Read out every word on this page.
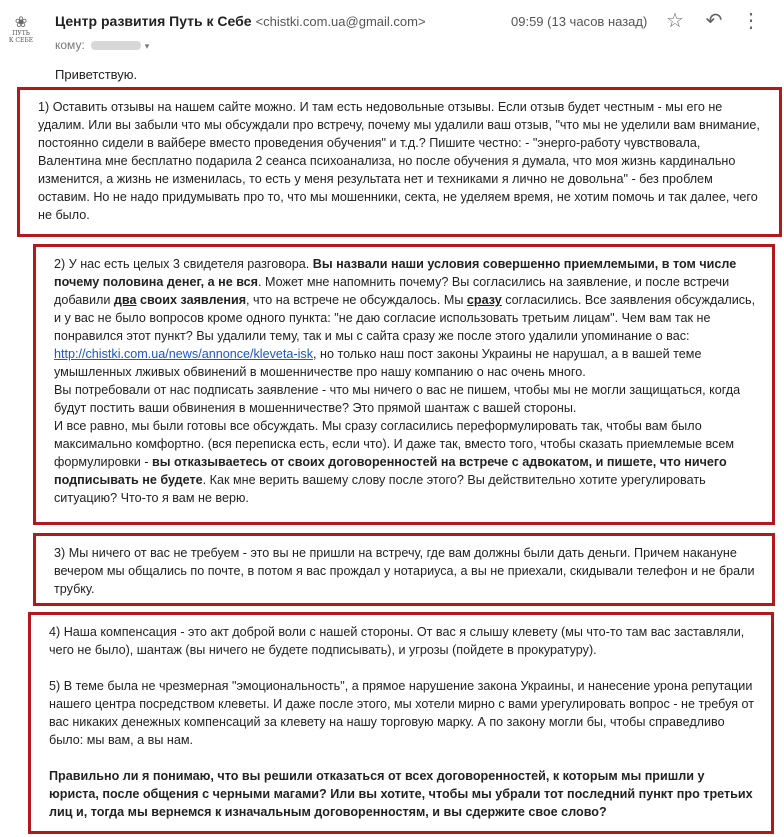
❀
ПУТЬ
К СЕБЕ
Центр развития Путь к Себе <chistki.com.ua@gmail.com>	09:59 (13 часов назад) ☆ ↶ ⋮
кому:	▾
Приветствую.

1) Оставить отзывы на нашем сайте можно. И там есть недовольные отзывы. Если отзыв будет честным - мы его не удалим. Или вы забыли что мы обсуждали про встречу, почему мы удалили ваш отзыв, "что мы не уделили вам внимание, постоянно сидели в вайбере вместо проведения обучения" и т.д.? Пишите честно: - "энерго-работу чувствовала, Валентина мне бесплатно подарила 2 сеанса психоанализа, но после обучения я думала, что моя жизнь кардинально изменится, а жизнь не изменилась, то есть у меня результата нет и техниками я лично не довольна" - без проблем оставим. Но не надо придумывать про то, что мы мошенники, секта, не уделяем время, не хотим помочь и так далее, чего не было.

2) У нас есть целых 3 свидетеля разговора. Вы назвали наши условия совершенно приемлемыми, в том числе почему половина денег, а не вся. Может мне напомнить почему? Вы согласились на заявление, и после встречи добавили два своих заявления, что на встрече не обсуждалось. Мы сразу согласились. Все заявления обсуждались, и у вас не было вопросов кроме одного пункта: "не даю согласие использовать третьим лицам". Чем вам так не понравился этот пункт? Вы удалили тему, так и мы с сайта сразу же после этого удалили упоминание о вас: http://chistki.com.ua/news/annonce/kleveta-isk, но только наш пост законы Украины не нарушал, а в вашей теме умышленных лживых обвинений в мошенничестве про нашу компанию о нас очень много.

Вы потребовали от нас подписать заявление - что мы ничего о вас не пишем, чтобы мы не могли защищаться, когда будут постить ваши обвинения в мошенничестве? Это прямой шантаж с вашей стороны.

И все равно, мы были готовы все обсуждать. Мы сразу согласились переформулировать так, чтобы вам было максимально комфортно. (вся переписка есть, если что). И даже так, вместо того, чтобы сказать приемлемые всем формулировки - вы отказываетесь от своих договоренностей на встрече с адвокатом, и пишете, что ничего подписывать не будете. Как мне верить вашему слову после этого? Вы действительно хотите урегулировать ситуацию? Что-то я вам не верю.

3) Мы ничего от вас не требуем - это вы не пришли на встречу, где вам должны были дать деньги. Причем накануне вечером мы общались по почте, в потом я вас прождал у нотариуса, а вы не приехали, скидывали телефон и не брали трубку.

4) Наша компенсация - это акт доброй воли с нашей стороны. От вас я слышу клевету (мы что-то там вас заставляли, чего не было), шантаж (вы ничего не будете подписывать), и угрозы (пойдете в прокуратуру).

5) В теме была не чрезмерная "эмоциональность", а прямое нарушение закона Украины, и нанесение урона репутации нашего центра посредством клеветы. И даже после этого, мы хотели мирно с вами урегулировать вопрос - не требуя от вас никаких денежных компенсаций за клевету на нашу торговую марку. А по закону могли бы, чтобы справедливо было: мы вам, а вы нам.

Правильно ли я понимаю, что вы решили отказаться от всех договоренностей, к которым мы пришли у юриста, после общения с черными магами? Или вы хотите, чтобы мы убрали тот последний пункт про третьих лиц и, тогда мы вернемся к изначальным договоренностям, и вы сдержите свое слово?
